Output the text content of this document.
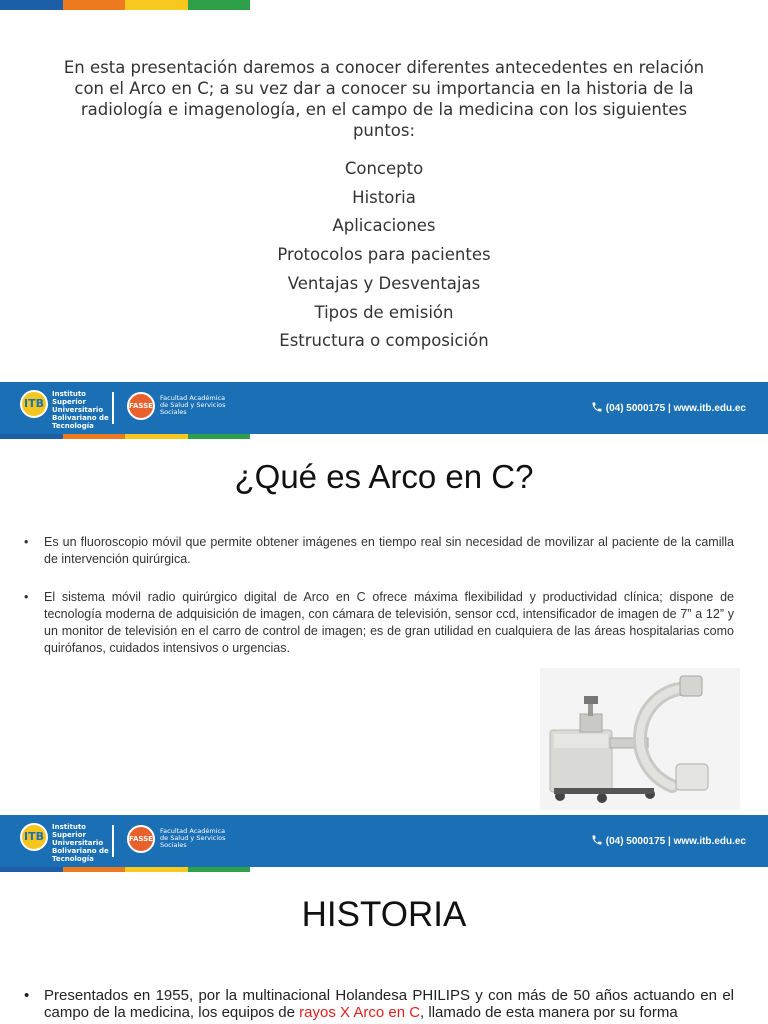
En esta presentación daremos a conocer diferentes antecedentes en relación con el Arco en C; a su vez dar a conocer su importancia en la historia de la radiología e imagenología, en el campo de la medicina con los siguientes puntos:
Concepto
Historia
Aplicaciones
Protocolos para pacientes
Ventajas y Desventajas
Tipos de emisión
Estructura o composición
ITB
Instituto Superior Universitario Bolivariano de Tecnología
FASSE
Facultad Académica de Salud y Servicios Sociales	(04) 5000175 | www.itb.edu.ec
¿Qué es Arco en C?
• Es un fluoroscopio móvil que permite obtener imágenes en tiempo real sin necesidad de movilizar al paciente de la camilla de intervención quirúrgica.
• El sistema móvil radio quirúrgico digital de Arco en C ofrece máxima flexibilidad y productividad clínica; dispone de tecnología moderna de adquisición de imagen, con cámara de televisión, sensor ccd, intensificador de imagen de 7” a 12” y un monitor de televisión en el carro de control de imagen; es de gran utilidad en cualquiera de las áreas hospitalarias como quirófanos, cuidados intensivos o urgencias.
ITB
Instituto Superior Universitario Bolivariano de Tecnología
FASSE
Facultad Académica de Salud y Servicios Sociales	(04) 5000175 | www.itb.edu.ec
HISTORIA
• Presentados en 1955, por la multinacional Holandesa PHILIPS y con más de 50 años actuando en el campo de la medicina, los equipos de rayos X Arco en C, llamado de esta manera por su forma
